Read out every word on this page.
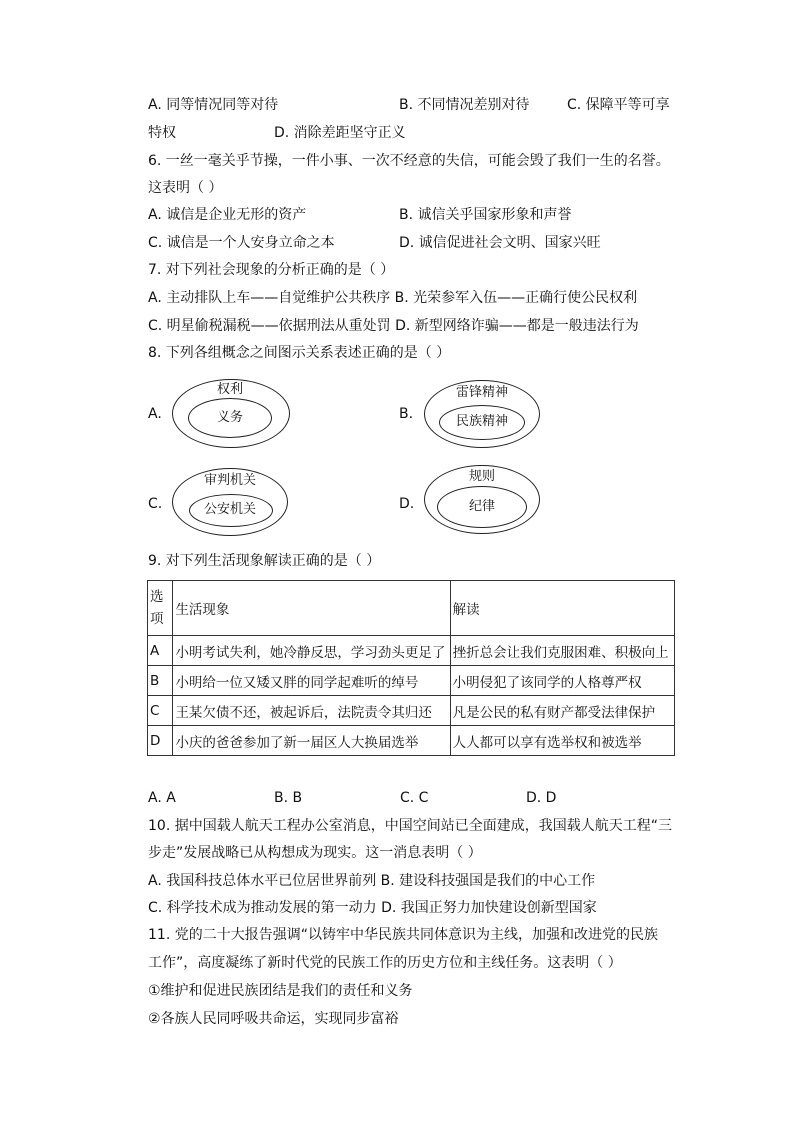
A. 同等情况同等对待	B. 不同情况差别对待	C. 保障平等可享
特权	D. 消除差距坚守正义
6. 一丝一毫关乎节操，一件小事、一次不经意的失信，可能会毁了我们一生的名誉。
这表明（ ）
A. 诚信是企业无形的资产	B. 诚信关乎国家形象和声誉
C. 诚信是一个人安身立命之本	D. 诚信促进社会文明、国家兴旺
7. 对下列社会现象的分析正确的是（ ）
A. 主动排队上车——自觉维护公共秩序 B. 光荣参军入伍——正确行使公民权利
C. 明星偷税漏税——依据刑法从重处罚 D. 新型网络诈骗——都是一般违法行为
8. 下列各组概念之间图示关系表述正确的是（ ）
A.
权利
义务	B.
雷锋精神
民族精神
C.
审判机关
公安机关	D.
规则
纪律
9. 对下列生活现象解读正确的是（ ）
选
项	生活现象	解读
A	小明考试失利，她冷静反思，学习劲头更足了	挫折总会让我们克服困难、积极向上
B	小明给一位又矮又胖的同学起难听的绰号	小明侵犯了该同学的人格尊严权
C	王某欠债不还，被起诉后，法院责令其归还	凡是公民的私有财产都受法律保护
D	小庆的爸爸参加了新一届区人大换届选举	人人都可以享有选举权和被选举
A. A	B. B	C. C	D. D
10. 据中国载人航天工程办公室消息，中国空间站已全面建成，我国载人航天工程“三
步走”发展战略已从构想成为现实。这一消息表明（ ）
A. 我国科技总体水平已位居世界前列 B. 建设科技强国是我们的中心工作
C. 科学技术成为推动发展的第一动力 D. 我国正努力加快建设创新型国家
11. 党的二十大报告强调“以铸牢中华民族共同体意识为主线，加强和改进党的民族
工作”，高度凝练了新时代党的民族工作的历史方位和主线任务。这表明（ ）
①维护和促进民族团结是我们的责任和义务
②各族人民同呼吸共命运，实现同步富裕
